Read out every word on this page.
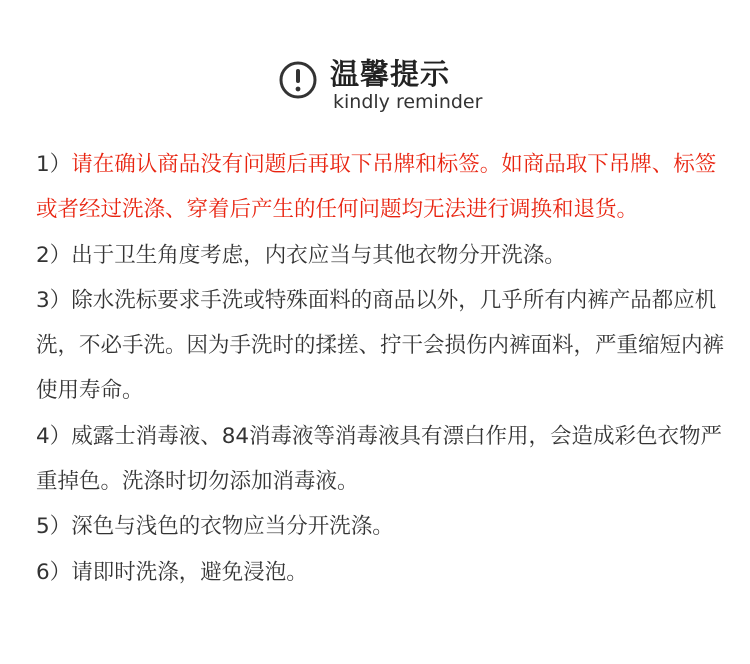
温馨提示
kindly reminder
1）请在确认商品没有问题后再取下吊牌和标签。如商品取下吊牌、标签或者经过洗涤、穿着后产生的任何问题均无法进行调换和退货。
2）出于卫生角度考虑，内衣应当与其他衣物分开洗涤。
3）除水洗标要求手洗或特殊面料的商品以外，几乎所有内裤产品都应机洗，不必手洗。因为手洗时的揉搓、拧干会损伤内裤面料，严重缩短内裤使用寿命。
4）威露士消毒液、84消毒液等消毒液具有漂白作用，会造成彩色衣物严重掉色。洗涤时切勿添加消毒液。
5）深色与浅色的衣物应当分开洗涤。
6）请即时洗涤，避免浸泡。
